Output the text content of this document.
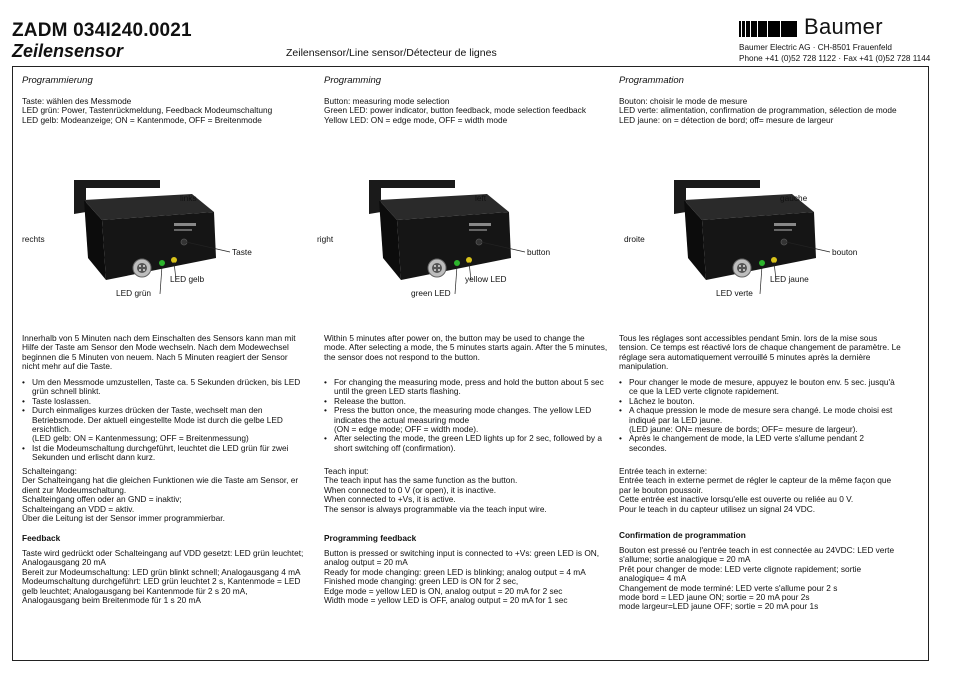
ZADM 034I240.0021
Zeilensensor	Zeilensensor/Line sensor/Détecteur de lignes
Baumer
Baumer Electric AG · CH-8501 Frauenfeld
Phone +41 (0)52 728 1122 · Fax +41 (0)52 728 1144
Programmierung
Taste: wählen des Messmode
LED grün: Power, Tastenrückmeldung, Feedback Modeumschaltung
LED gelb: Modeanzeige; ON = Kantenmode, OFF = Breitenmode
links
rechts
Taste
LED gelb
LED grün
Innerhalb von 5 Minuten nach dem Einschalten des Sensors kann man mit Hilfe der Taste am Sensor den Mode wechseln. Nach dem Modewechsel beginnen die 5 Minuten von neuem. Nach 5 Minuten reagiert der Sensor nicht mehr auf die Taste.
• Um den Messmode umzustellen, Taste ca. 5 Sekunden drücken, bis LED grün schnell blinkt.
• Taste loslassen.
• Durch einmaliges kurzes drücken der Taste, wechselt man den Betriebsmode. Der aktuell eingestellte Mode ist durch die gelbe LED ersichtlich.
(LED gelb: ON = Kantenmessung; OFF = Breitenmessung)
• Ist die Modeumschaltung durchgeführt, leuchtet die LED grün für zwei Sekunden und erlischt dann kurz.
Schalteingang:
Der Schalteingang hat die gleichen Funktionen wie die Taste am Sensor, er dient zur Modeumschaltung.
Schalteingang offen oder an GND = inaktiv;
Schalteingang an VDD = aktiv.
Über die Leitung ist der Sensor immer programmierbar.
Feedback
Taste wird gedrückt oder Schalteingang auf VDD gesetzt: LED grün leuchtet; Analogausgang 20 mA
Bereit zur Modeumschaltung: LED grün blinkt schnell; Analogausgang 4 mA
Modeumschaltung durchgeführt: LED grün leuchtet 2 s, Kantenmode = LED gelb leuchtet; Analogausgang bei Kantenmode für 2 s 20 mA, Analogausgang beim Breitenmode für 1 s 20 mA
Programming
Button: measuring mode selection
Green LED: power indicator, button feedback, mode selection feedback
Yellow LED: ON = edge mode, OFF = width mode
left
right
button
yellow LED
green LED
Within 5 minutes after power on, the button may be used to change the mode. After selecting a mode, the 5 minutes starts again. After the 5 minutes, the sensor does not respond to the button.
• For changing the measuring mode, press and hold the button about 5 sec until the green LED starts flashing.
• Release the button.
• Press the button once, the measuring mode changes. The yellow LED indicates the actual measuring mode
(ON = edge mode; OFF = width mode).
• After selecting the mode, the green LED lights up for 2 sec, followed by a short switching off (confirmation).
Teach input:
The teach input has the same function as the button.
When connected to 0 V (or open), it is inactive.
When connected to +Vs, it is active.
The sensor is always programmable via the teach input wire.
Programming feedback
Button is pressed or switching input is connected to +Vs: green LED is ON, analog output = 20 mA
Ready for mode changing: green LED is blinking; analog output = 4 mA
Finished mode changing: green LED is ON for 2 sec,
Edge mode = yellow LED is ON, analog output = 20 mA for 2 sec
Width mode = yellow LED is OFF, analog output = 20 mA for 1 sec
Programmation
Bouton: choisir le mode de mesure
LED verte: alimentation, confirmation de programmation, sélection de mode
LED jaune: on = détection de bord; off= mesure de largeur
gauche
droite
bouton
LED jaune
LED verte
Tous les réglages sont accessibles pendant 5min. lors de la mise sous tension. Ce temps est réactivé lors de chaque changement de paramètre. Le réglage sera automatiquement verrouillé 5 minutes après la dernière manipulation.
• Pour changer le mode de mesure, appuyez le bouton env. 5 sec. jusqu'à ce que la LED verte clignote rapidement.
• Lâchez le bouton.
• A chaque pression le mode de mesure sera changé. Le mode choisi est indiqué par la LED jaune.
(LED jaune: ON= mesure de bords; OFF= mesure de largeur).
• Après le changement de mode, la LED verte s'allume pendant 2 secondes.
Entrée teach in externe:
Entrée teach in externe permet de régler le capteur de la même façon que par le bouton poussoir.
Cette entrée est inactive lorsqu'elle est ouverte ou reliée au 0 V.
Pour le teach in du capteur utilisez un signal 24 VDC.
Confirmation de programmation
Bouton est pressé ou l'entrée teach in est connectée au 24VDC: LED verte s'allume; sortie analogique = 20 mA
Prêt pour changer de mode: LED verte clignote rapidement; sortie analogique= 4 mA
Changement de mode terminé: LED verte s'allume pour 2 s
mode bord = LED jaune ON; sortie = 20 mA pour 2s
mode largeur=LED jaune OFF; sortie = 20 mA pour 1s
